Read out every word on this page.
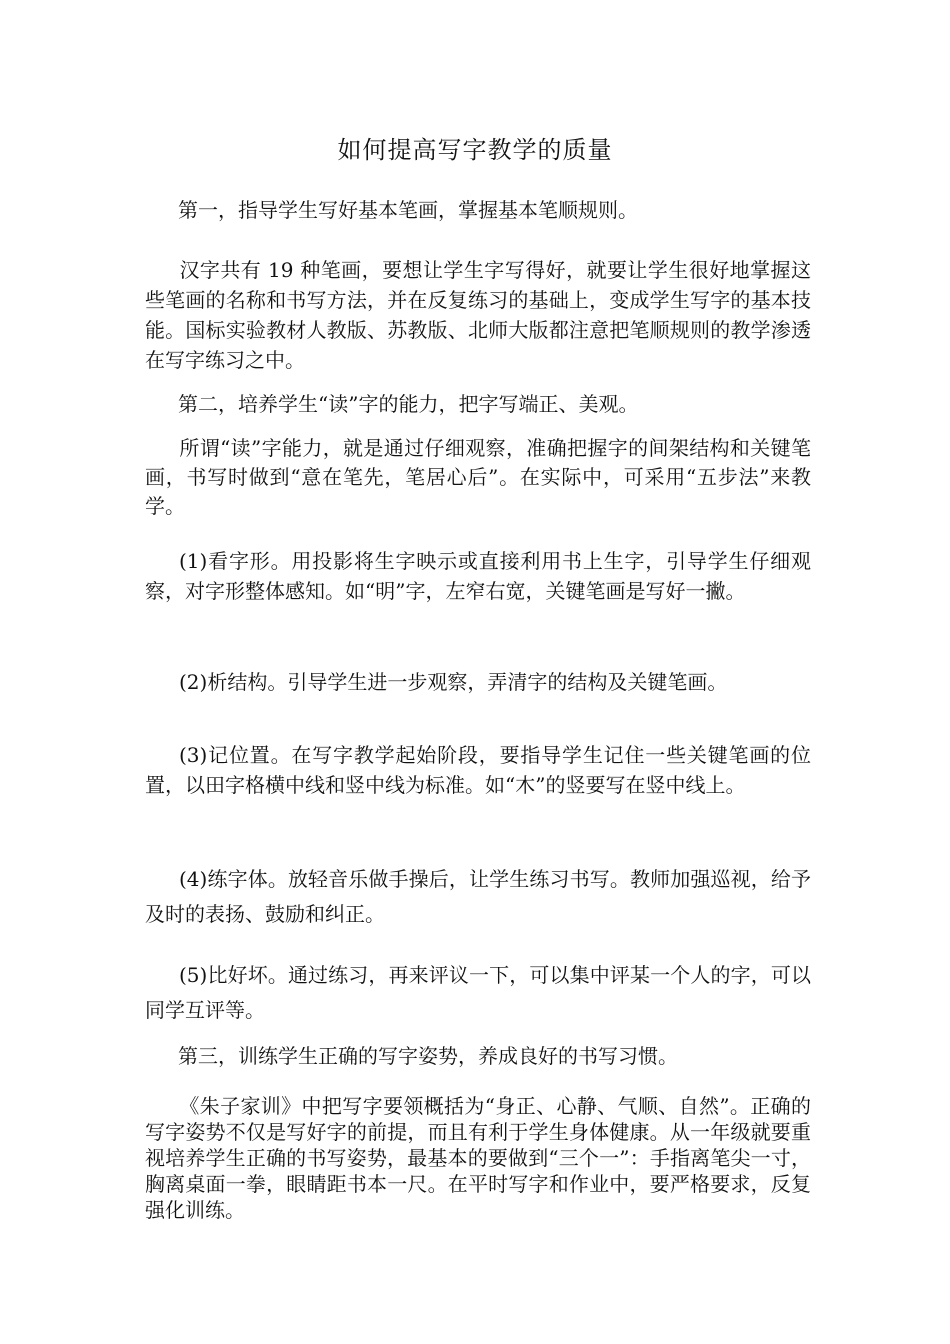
如何提高写字教学的质量
第一，指导学生写好基本笔画，掌握基本笔顺规则。

汉字共有 19 种笔画，要想让学生字写得好，就要让学生很好地掌握这些笔画的名称和书写方法，并在反复练习的基础上，变成学生写字的基本技能。国标实验教材人教版、苏教版、北师大版都注意把笔顺规则的教学渗透在写字练习之中。

第二，培养学生“读”字的能力，把字写端正、美观。

所谓“读”字能力，就是通过仔细观察，准确把握字的间架结构和关键笔画，书写时做到“意在笔先，笔居心后”。在实际中，可采用“五步法”来教学。

(1)看字形。用投影将生字映示或直接利用书上生字，引导学生仔细观察，对字形整体感知。如“明”字，左窄右宽，关键笔画是写好一撇。

(2)析结构。引导学生进一步观察，弄清字的结构及关键笔画。

(3)记位置。在写字教学起始阶段，要指导学生记住一些关键笔画的位置，以田字格横中线和竖中线为标准。如“木”的竖要写在竖中线上。

(4)练字体。放轻音乐做手操后，让学生练习书写。教师加强巡视，给予及时的表扬、鼓励和纠正。

(5)比好坏。通过练习，再来评议一下，可以集中评某一个人的字，可以同学互评等。

第三，训练学生正确的写字姿势，养成良好的书写习惯。

《朱子家训》中把写字要领概括为“身正、心静、气顺、自然”。正确的写字姿势不仅是写好字的前提，而且有利于学生身体健康。从一年级就要重视培养学生正确的书写姿势，最基本的要做到“三个一”：手指离笔尖一寸，胸离桌面一拳，眼睛距书本一尺。在平时写字和作业中，要严格要求，反复强化训练。
